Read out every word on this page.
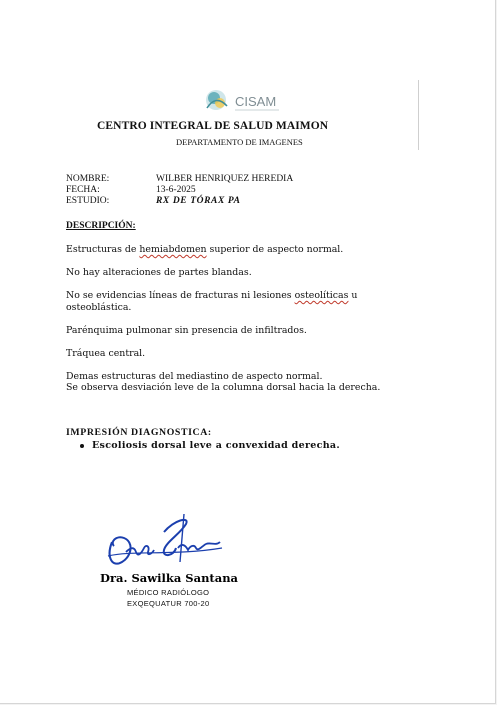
CISAM
CENTRO INTEGRAL DE SALUD MAIMON
DEPARTAMENTO DE IMAGENES
NOMBRE:	WILBER HENRIQUEZ HEREDIA
FECHA:	13-6-2025
ESTUDIO:	RX DE TÓRAX PA
DESCRIPCIÓN:
Estructuras de hemiabdomen superior de aspecto normal.
No hay alteraciones de partes blandas.
No se evidencias líneas de fracturas ni lesiones osteolíticas u osteoblástica.
Parénquima pulmonar sin presencia de infiltrados.
Tráquea central.
Demas estructuras del mediastino de aspecto normal.
Se observa desviación leve de la columna dorsal hacia la derecha.
IMPRESIÓN DIAGNOSTICA:
Escoliosis dorsal leve a convexidad derecha.
Dra. Sawilka Santana
MÉDICO RADIÓLOGO
EXQEQUATUR 700-20
